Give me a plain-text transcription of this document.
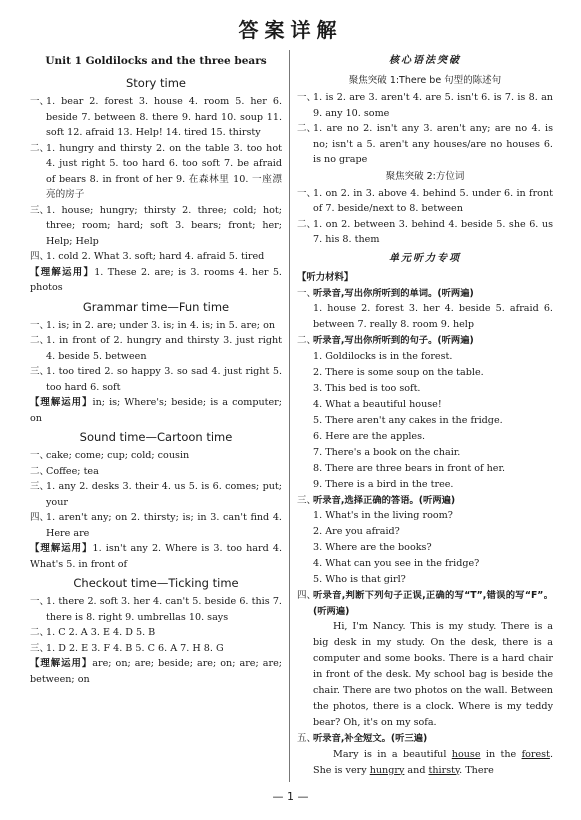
答案详解
Unit 1 Goldilocks and the three bears
Story time
一、
1. bear 2. forest 3. house 4. room 5. her 6. beside 7. between 8. there 9. hard 10. soup 11. soft 12. afraid 13. Help! 14. tired 15. thirsty
二、
1. hungry and thirsty 2. on the table 3. too hot 4. just right 5. too hard 6. too soft 7. be afraid of bears 8. in front of her 9. 在森林里 10. 一座漂亮的房子
三、
1. house; hungry; thirsty 2. three; cold; hot; three; room; hard; soft 3. bears; front; her; Help; Help
四、
1. cold 2. What 3. soft; hard 4. afraid 5. tired
【理解运用】1. These 2. are; is 3. rooms 4. her 5. photos
Grammar time—Fun time
一、
1. is; in 2. are; under 3. is; in 4. is; in 5. are; on
二、
1. in front of 2. hungry and thirsty 3. just right 4. beside 5. between
三、
1. too tired 2. so happy 3. so sad 4. just right 5. too hard 6. soft
【理解运用】in; is; Where's; beside; is a computer; on
Sound time—Cartoon time
一、
cake; come; cup; cold; cousin
二、
Coffee; tea
三、
1. any 2. desks 3. their 4. us 5. is 6. comes; put; your
四、
1. aren't any; on 2. thirsty; is; in 3. can't find 4. Here are
【理解运用】1. isn't any 2. Where is 3. too hard 4. What's 5. in front of
Checkout time—Ticking time
一、
1. there 2. soft 3. her 4. can't 5. beside 6. this 7. there is 8. right 9. umbrellas 10. says
二、
1. C 2. A 3. E 4. D 5. B
三、
1. D 2. E 3. F 4. B 5. C 6. A 7. H 8. G
【理解运用】are; on; are; beside; are; on; are; are; between; on
核心语法突破
聚焦突破 1:There be 句型的陈述句
一、
1. is 2. are 3. aren't 4. are 5. isn't 6. is 7. is 8. an 9. any 10. some
二、
1. are no 2. isn't any 3. aren't any; are no 4. is no; isn't a 5. aren't any houses/are no houses 6. is no grape
聚焦突破 2:方位词
一、
1. on 2. in 3. above 4. behind 5. under 6. in front of 7. beside/next to 8. between
二、
1. on 2. between 3. behind 4. beside 5. she 6. us 7. his 8. them
单元听力专项
【听力材料】
一、
听录音,写出你所听到的单词。(听两遍)
1. house 2. forest 3. her 4. beside 5. afraid 6. between 7. really 8. room 9. help
二、
听录音,写出你所听到的句子。(听两遍)
1. Goldilocks is in the forest.
2. There is some soup on the table.
3. This bed is too soft.
4. What a beautiful house!
5. There aren't any cakes in the fridge.
6. Here are the apples.
7. There's a book on the chair.
8. There are three bears in front of her.
9. There is a bird in the tree.
三、
听录音,选择正确的答语。(听两遍)
1. What's in the living room?
2. Are you afraid?
3. Where are the books?
4. What can you see in the fridge?
5. Who is that girl?
四、
听录音,判断下列句子正误,正确的写“T”,错误的写“F”。(听两遍)
Hi, I'm Nancy. This is my study. There is a big desk in my study. On the desk, there is a computer and some books. There is a hard chair in front of the desk. My school bag is beside the chair. There are two photos on the wall. Between the photos, there is a clock. Where is my teddy bear? Oh, it's on my sofa.
五、
听录音,补全短文。(听三遍)
Mary is in a beautiful house in the forest. She is very hungry and thirsty. There
— 1 —
